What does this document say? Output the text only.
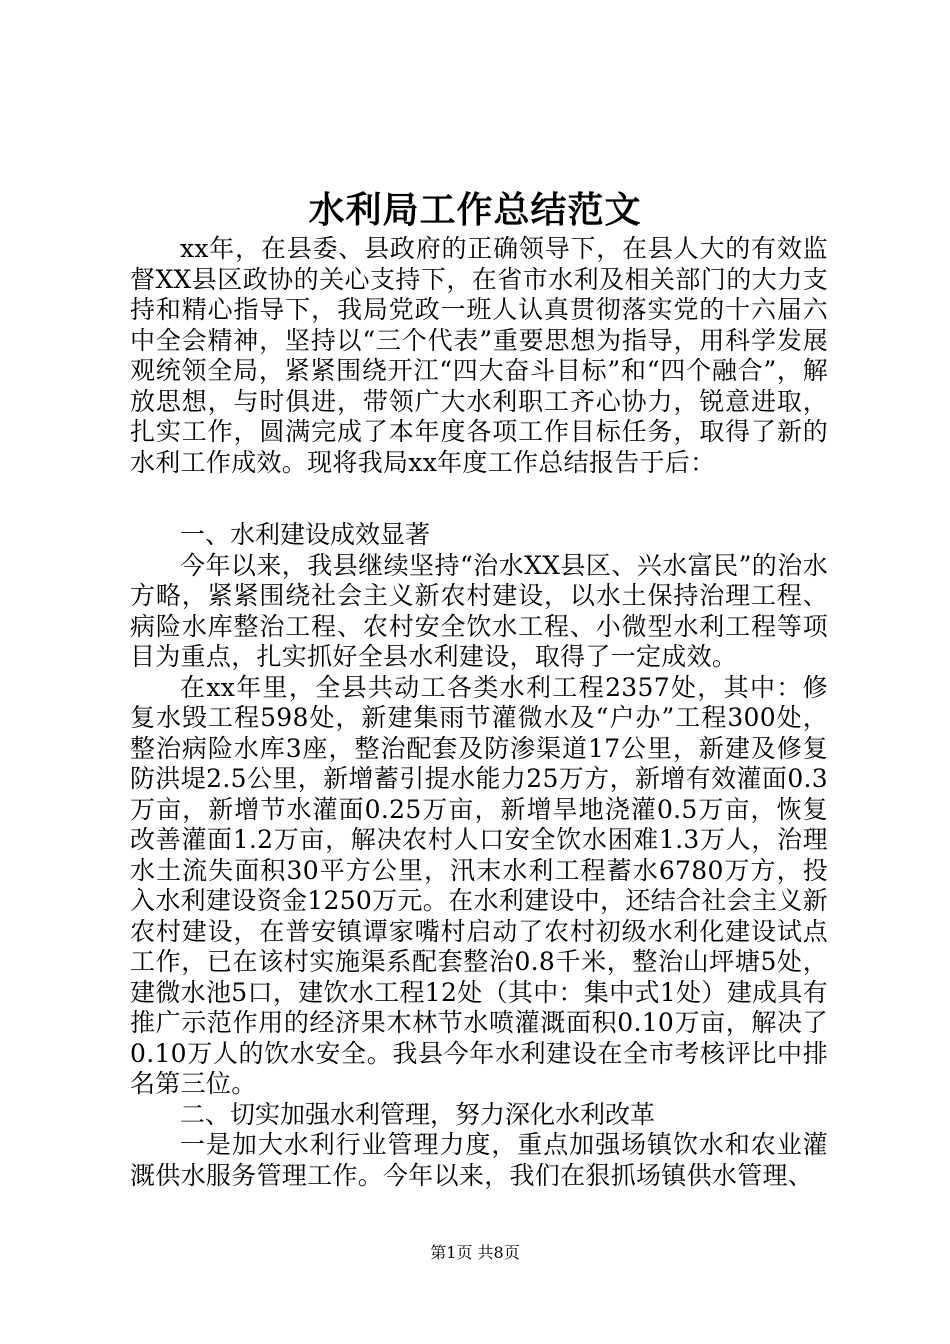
水利局工作总结范文

xx年，在县委、县政府的正确领导下，在县人大的有效监督XX县区政协的关心支持下，在省市水利及相关部门的大力支持和精心指导下，我局党政一班人认真贯彻落实党的十六届六中全会精神，坚持以“三个代表”重要思想为指导，用科学发展观统领全局，紧紧围绕开江“四大奋斗目标”和“四个融合”，解放思想，与时俱进，带领广大水利职工齐心协力，锐意进取，扎实工作，圆满完成了本年度各项工作目标任务，取得了新的水利工作成效。现将我局xx年度工作总结报告于后：

一、水利建设成效显著

今年以来，我县继续坚持“治水XX县区、兴水富民”的治水方略，紧紧围绕社会主义新农村建设，以水土保持治理工程、病险水库整治工程、农村安全饮水工程、小微型水利工程等项目为重点，扎实抓好全县水利建设，取得了一定成效。

在xx年里，全县共动工各类水利工程2357处，其中：修复水毁工程598处，新建集雨节灌微水及“户办”工程300处，整治病险水库3座，整治配套及防渗渠道17公里，新建及修复防洪堤2.5公里，新增蓄引提水能力25万方，新增有效灌面0.3万亩，新增节水灌面0.25万亩，新增旱地浇灌0.5万亩，恢复改善灌面1.2万亩，解决农村人口安全饮水困难1.3万人，治理水土流失面积30平方公里，汛末水利工程蓄水6780万方，投入水利建设资金1250万元。在水利建设中，还结合社会主义新农村建设，在普安镇谭家嘴村启动了农村初级水利化建设试点工作，已在该村实施渠系配套整治0.8千米，整治山坪塘5处，建微水池5口，建饮水工程12处（其中：集中式1处）建成具有推广示范作用的经济果木林节水喷灌溉面积0.10万亩，解决了0.10万人的饮水安全。我县今年水利建设在全市考核评比中排名第三位。

二、切实加强水利管理，努力深化水利改革

一是加大水利行业管理力度，重点加强场镇饮水和农业灌溉供水服务管理工作。今年以来，我们在狠抓场镇供水管理、

第1页 共8页
